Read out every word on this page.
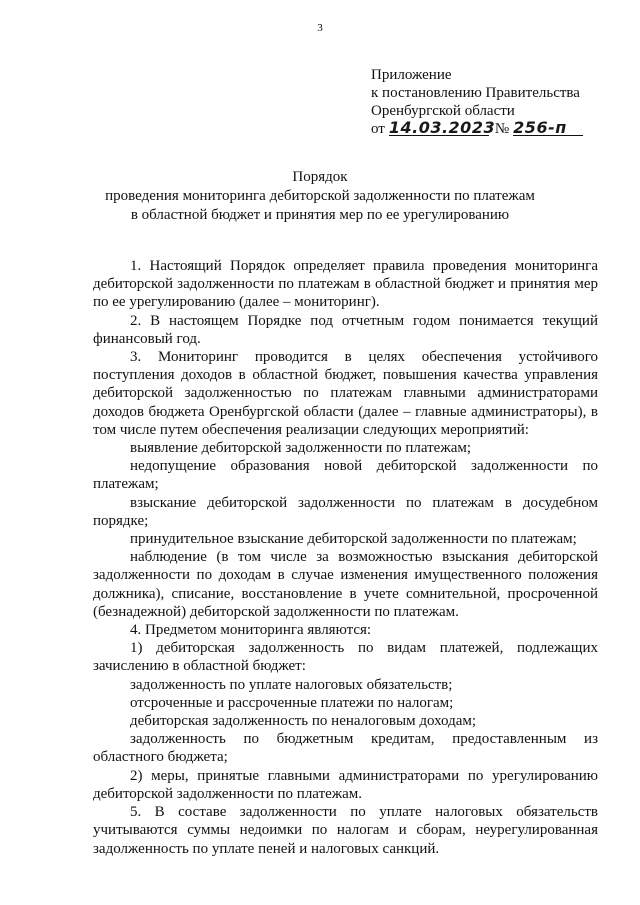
3
Приложение
к постановлению Правительства
Оренбургской области
от 14.03.2023 № 256-п
Порядок
проведения мониторинга дебиторской задолженности по платежам
в областной бюджет и принятия мер по ее урегулированию

1. Настоящий Порядок определяет правила проведения мониторинга дебиторской задолженности по платежам в областной бюджет и принятия мер по ее урегулированию (далее – мониторинг).

2. В настоящем Порядке под отчетным годом понимается текущий финансовый год.

3. Мониторинг проводится в целях обеспечения устойчивого поступления доходов в областной бюджет, повышения качества управления дебиторской задолженностью по платежам главными администраторами доходов бюджета Оренбургской области (далее – главные администраторы), в том числе путем обеспечения реализации следующих мероприятий:

выявление дебиторской задолженности по платежам;

недопущение образования новой дебиторской задолженности по платежам;

взыскание дебиторской задолженности по платежам в досудебном порядке;

принудительное взыскание дебиторской задолженности по платежам;

наблюдение (в том числе за возможностью взыскания дебиторской задолженности по доходам в случае изменения имущественного положения должника), списание, восстановление в учете сомнительной, просроченной (безнадежной) дебиторской задолженности по платежам.

4. Предметом мониторинга являются:

1) дебиторская задолженность по видам платежей, подлежащих зачислению в областной бюджет:

задолженность по уплате налоговых обязательств;

отсроченные и рассроченные платежи по налогам;

дебиторская задолженность по неналоговым доходам;

задолженность по бюджетным кредитам, предоставленным из областного бюджета;

2) меры, принятые главными администраторами по урегулированию дебиторской задолженности по платежам.

5. В составе задолженности по уплате налоговых обязательств учитываются суммы недоимки по налогам и сборам, неурегулированная задолженность по уплате пеней и налоговых санкций.
